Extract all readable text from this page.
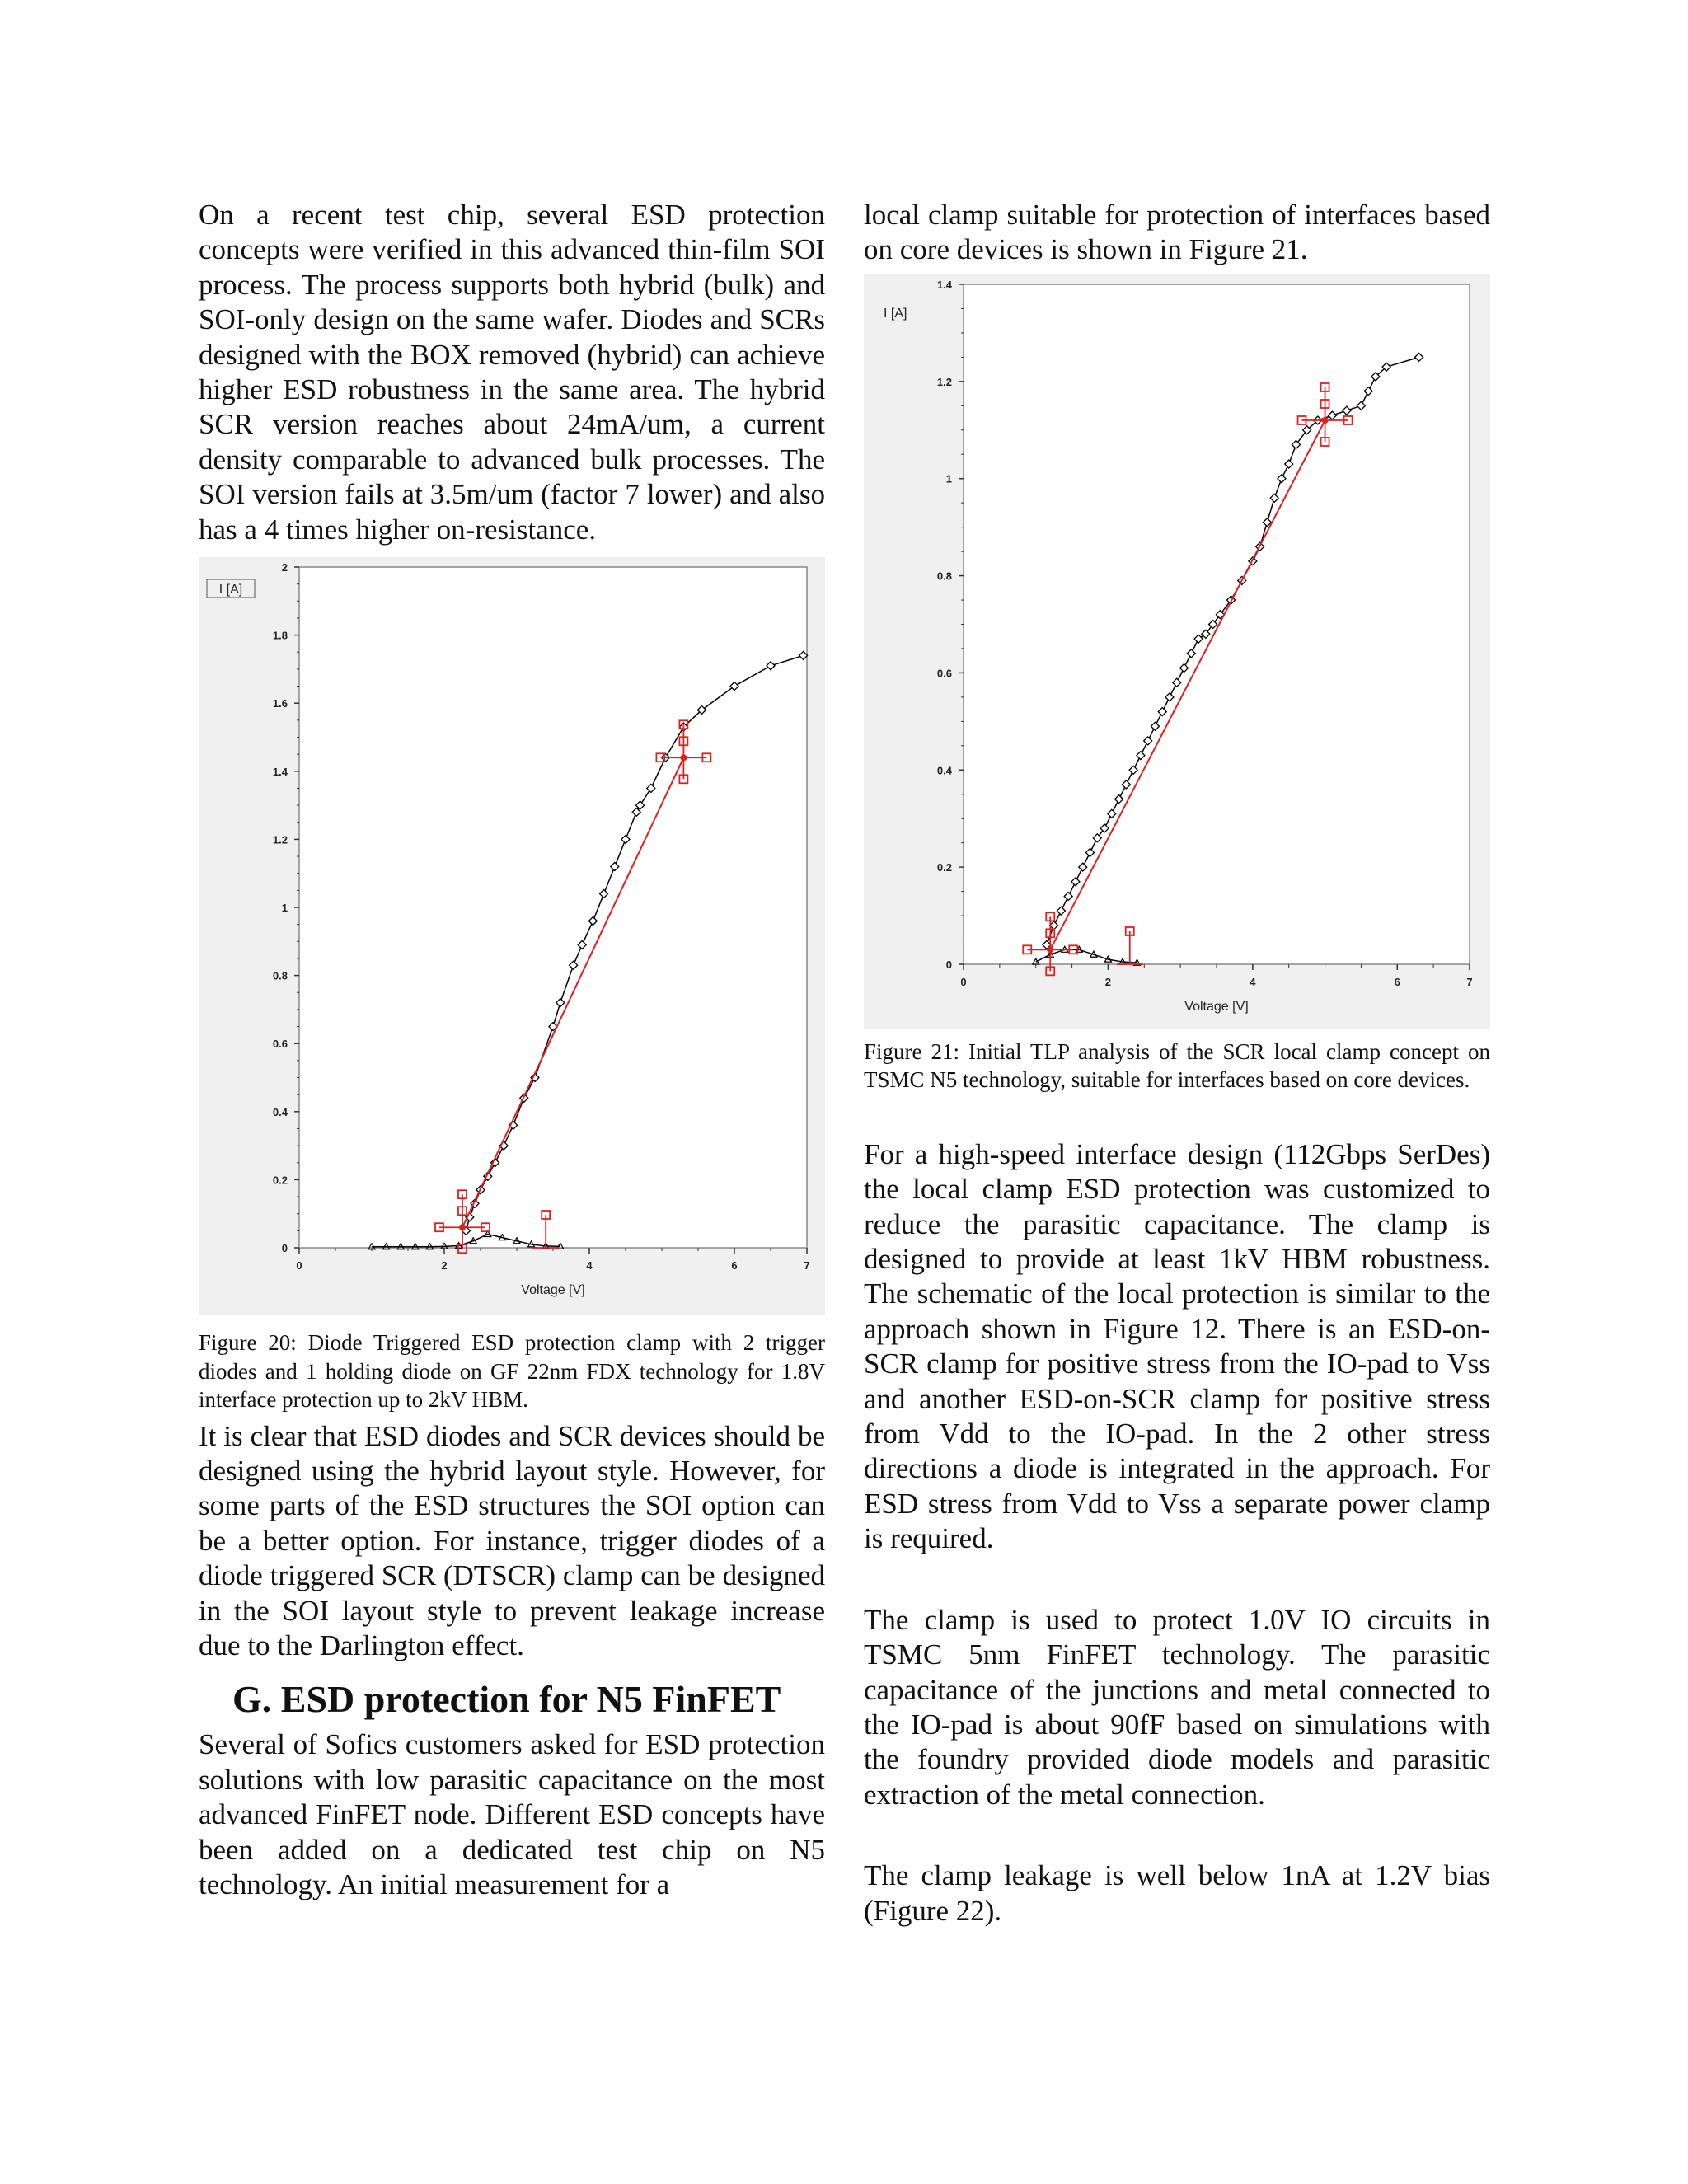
On a recent test chip, several ESD protection concepts were verified in this advanced thin-film SOI process. The process supports both hybrid (bulk) and SOI-only design on the same wafer. Diodes and SCRs designed with the BOX removed (hybrid) can achieve higher ESD robustness in the same area. The hybrid SCR version reaches about 24mA/um, a current density comparable to advanced bulk processes. The SOI version fails at 3.5m/um (factor 7 lower) and also has a 4 times higher on-resistance.

0
0.2
0.4
0.6
0.8
1
1.2
1.4
1.6
1.8
2
0	2	4	6	7
Voltage [V]
I [A]

Figure 20: Diode Triggered ESD protection clamp with 2 trigger diodes and 1 holding diode on GF 22nm FDX technology for 1.8V interface protection up to 2kV HBM.

It is clear that ESD diodes and SCR devices should be designed using the hybrid layout style. However, for some parts of the ESD structures the SOI option can be a better option. For instance, trigger diodes of a diode triggered SCR (DTSCR) clamp can be designed in the SOI layout style to prevent leakage increase due to the Darlington effect.

G. ESD protection for N5 FinFET

Several of Sofics customers asked for ESD protection solutions with low parasitic capacitance on the most advanced FinFET node. Different ESD concepts have been added on a dedicated test chip on N5 technology. An initial measurement for a

local clamp suitable for protection of interfaces based on core devices is shown in Figure 21.

0
0.2
0.4
0.6
0.8
1
1.2
1.4
0	2	4	6	7
Voltage [V]
I [A]

Figure 21: Initial TLP analysis of the SCR local clamp concept on TSMC N5 technology, suitable for interfaces based on core devices.

For a high-speed interface design (112Gbps SerDes) the local clamp ESD protection was customized to reduce the parasitic capacitance. The clamp is designed to provide at least 1kV HBM robustness. The schematic of the local protection is similar to the approach shown in Figure 12. There is an ESD-on-SCR clamp for positive stress from the IO-pad to Vss and another ESD-on-SCR clamp for positive stress from Vdd to the IO-pad. In the 2 other stress directions a diode is integrated in the approach. For ESD stress from Vdd to Vss a separate power clamp is required.

The clamp is used to protect 1.0V IO circuits in TSMC 5nm FinFET technology. The parasitic capacitance of the junctions and metal connected to the IO-pad is about 90fF based on simulations with the foundry provided diode models and parasitic extraction of the metal connection.

The clamp leakage is well below 1nA at 1.2V bias (Figure 22).
